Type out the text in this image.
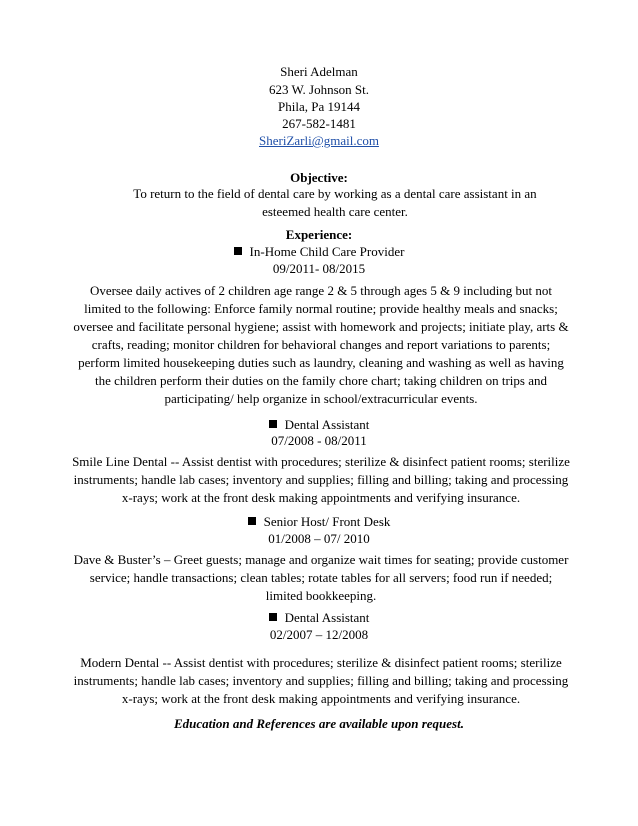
Sheri Adelman
623 W. Johnson St.
Phila, Pa 19144
267-582-1481
SheriZarli@gmail.com
Objective:
To return to the field of dental care by working as a dental care assistant in an esteemed health care center.
Experience:
In-Home Child Care Provider
09/2011- 08/2015
Oversee daily actives of 2 children age range 2 & 5 through ages 5 & 9 including but not limited to the following: Enforce family normal routine; provide healthy meals and snacks; oversee and facilitate personal hygiene; assist with homework and projects; initiate play, arts & crafts, reading; monitor children for behavioral changes and report variations to parents; perform limited housekeeping duties such as laundry, cleaning and washing as well as having the children perform their duties on the family chore chart; taking children on trips and participating/ help organize in school/extracurricular events.
Dental Assistant
07/2008 - 08/2011
Smile Line Dental -- Assist dentist with procedures; sterilize & disinfect patient rooms; sterilize instruments; handle lab cases; inventory and supplies; filling and billing; taking and processing x-rays; work at the front desk making appointments and verifying insurance.
Senior Host/ Front Desk
01/2008 – 07/ 2010
Dave & Buster’s – Greet guests; manage and organize wait times for seating; provide customer service; handle transactions; clean tables; rotate tables for all servers; food run if needed; limited bookkeeping.
Dental Assistant
02/2007 – 12/2008
Modern Dental -- Assist dentist with procedures; sterilize & disinfect patient rooms; sterilize instruments; handle lab cases; inventory and supplies; filling and billing; taking and processing x-rays; work at the front desk making appointments and verifying insurance.
Education and References are available upon request.
